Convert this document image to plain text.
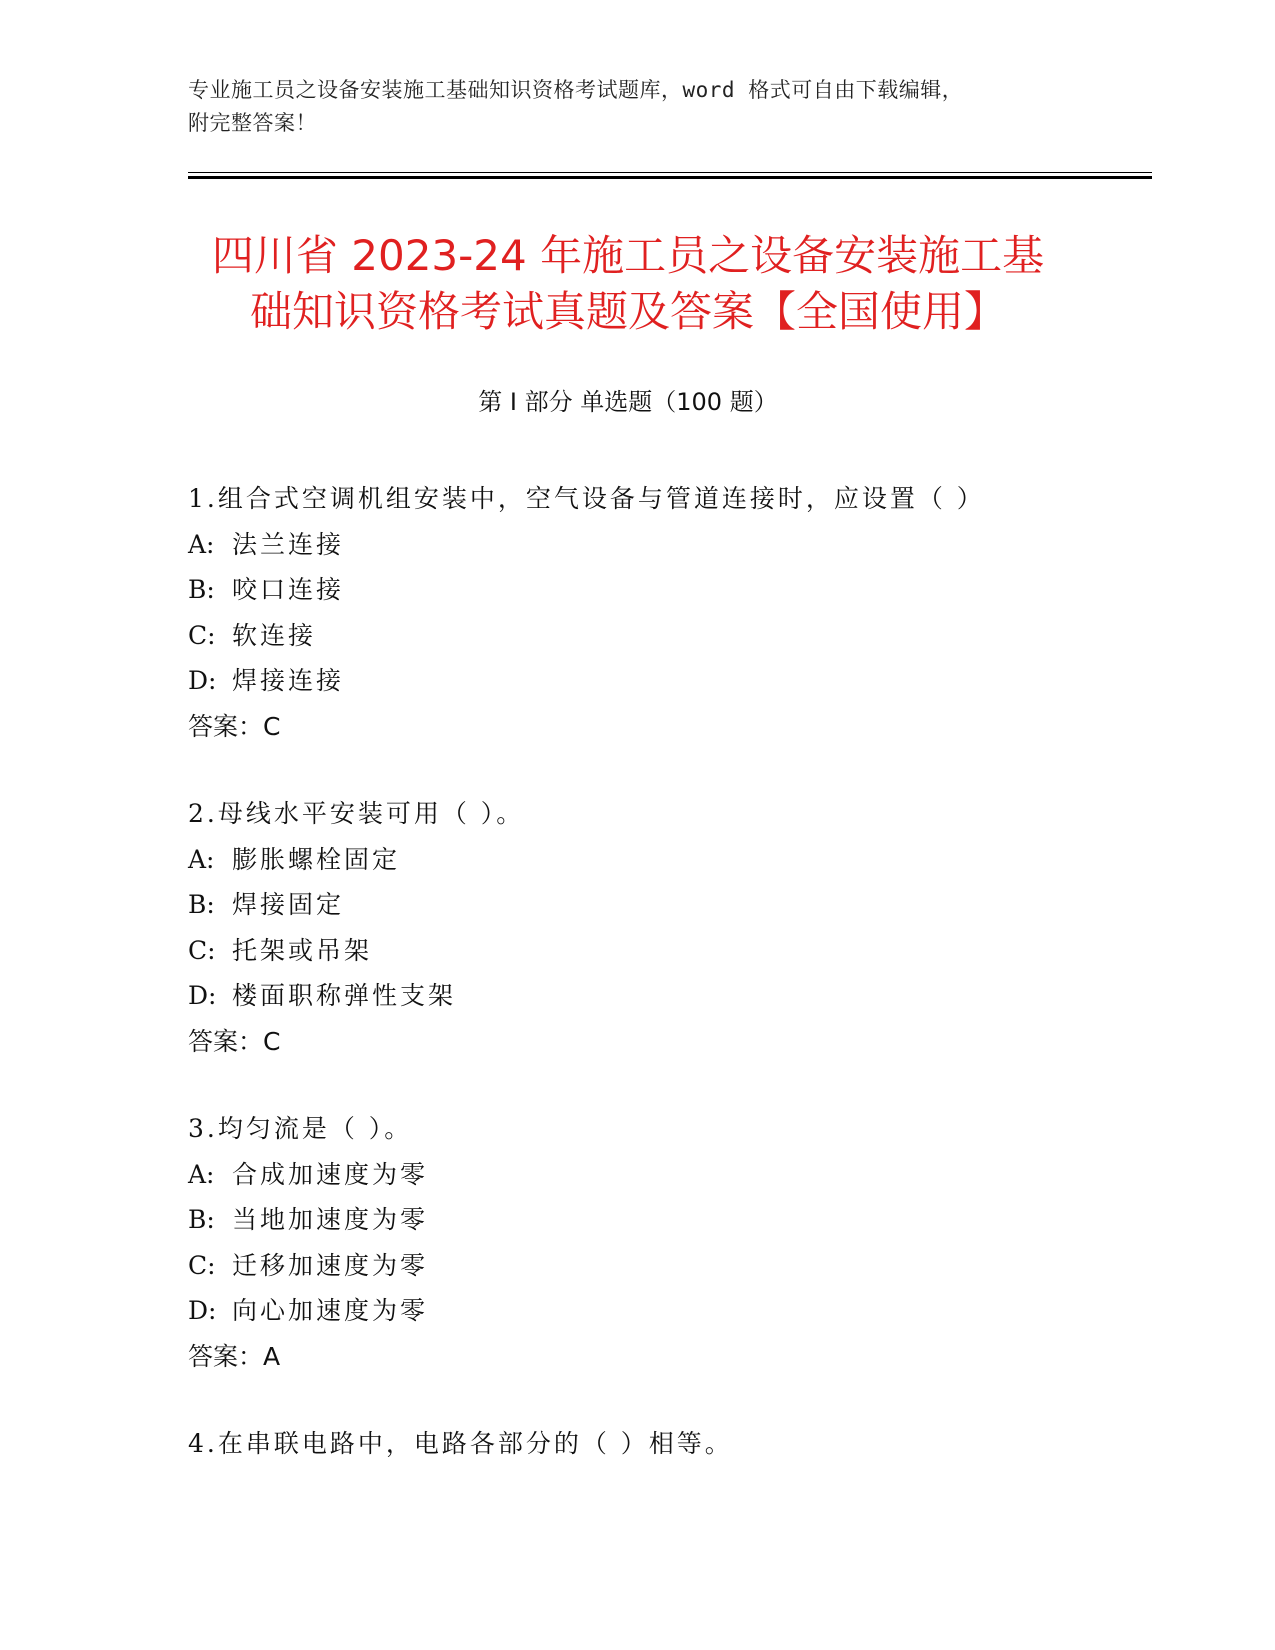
专业施工员之设备安装施工基础知识资格考试题库，word 格式可自由下载编辑，
附完整答案！
四川省 2023-24 年施工员之设备安装施工基
础知识资格考试真题及答案【全国使用】
第 I 部分 单选题（100 题）
1.组合式空调机组安装中，空气设备与管道连接时，应设置（ ）
A: 法兰连接
B: 咬口连接
C: 软连接
D: 焊接连接
答案：C
2.母线水平安装可用（ ）。
A: 膨胀螺栓固定
B: 焊接固定
C: 托架或吊架
D: 楼面职称弹性支架
答案：C
3.均匀流是（ ）。
A: 合成加速度为零
B: 当地加速度为零
C: 迁移加速度为零
D: 向心加速度为零
答案：A
4.在串联电路中，电路各部分的（ ）相等。
